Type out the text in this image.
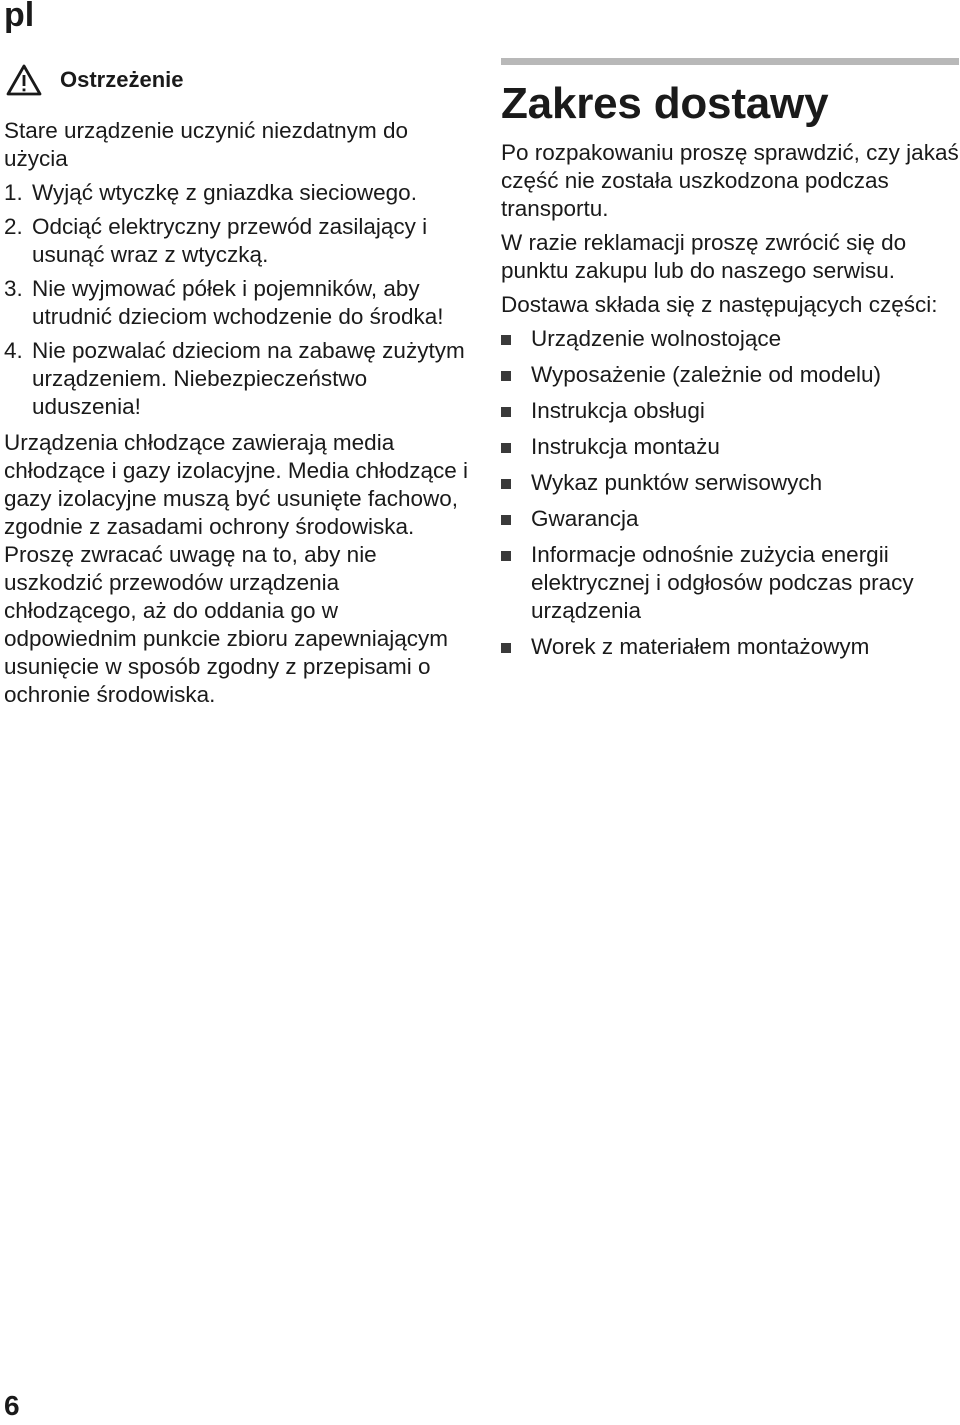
pl
Ostrzeżenie

Stare urządzenie uczynić niezdatnym do użycia

1. Wyjąć wtyczkę z gniazdka sieciowego.
2. Odciąć elektryczny przewód zasilający i usunąć wraz z wtyczką.
3. Nie wyjmować półek i pojemników, aby utrudnić dzieciom wchodzenie do środka!
4. Nie pozwalać dzieciom na zabawę zużytym urządzeniem. Niebezpieczeństwo uduszenia!

Urządzenia chłodzące zawierają media chłodzące i gazy izolacyjne. Media chłodzące i gazy izolacyjne muszą być usunięte fachowo, zgodnie z zasadami ochrony środowiska. Proszę zwracać uwagę na to, aby nie uszkodzić przewodów urządzenia chłodzącego, aż do oddania go w odpowiednim punkcie zbioru zapewniającym usunięcie w sposób zgodny z przepisami o ochronie środowiska.

Zakres dostawy

Po rozpakowaniu proszę sprawdzić, czy jakaś część nie została uszkodzona podczas transportu.

W razie reklamacji proszę zwrócić się do punktu zakupu lub do naszego serwisu.

Dostawa składa się z następujących części:

Urządzenie wolnostojące
Wyposażenie (zależnie od modelu)
Instrukcja obsługi
Instrukcja montażu
Wykaz punktów serwisowych
Gwarancja
Informacje odnośnie zużycia energii elektrycznej i odgłosów podczas pracy urządzenia
Worek z materiałem montażowym
6
